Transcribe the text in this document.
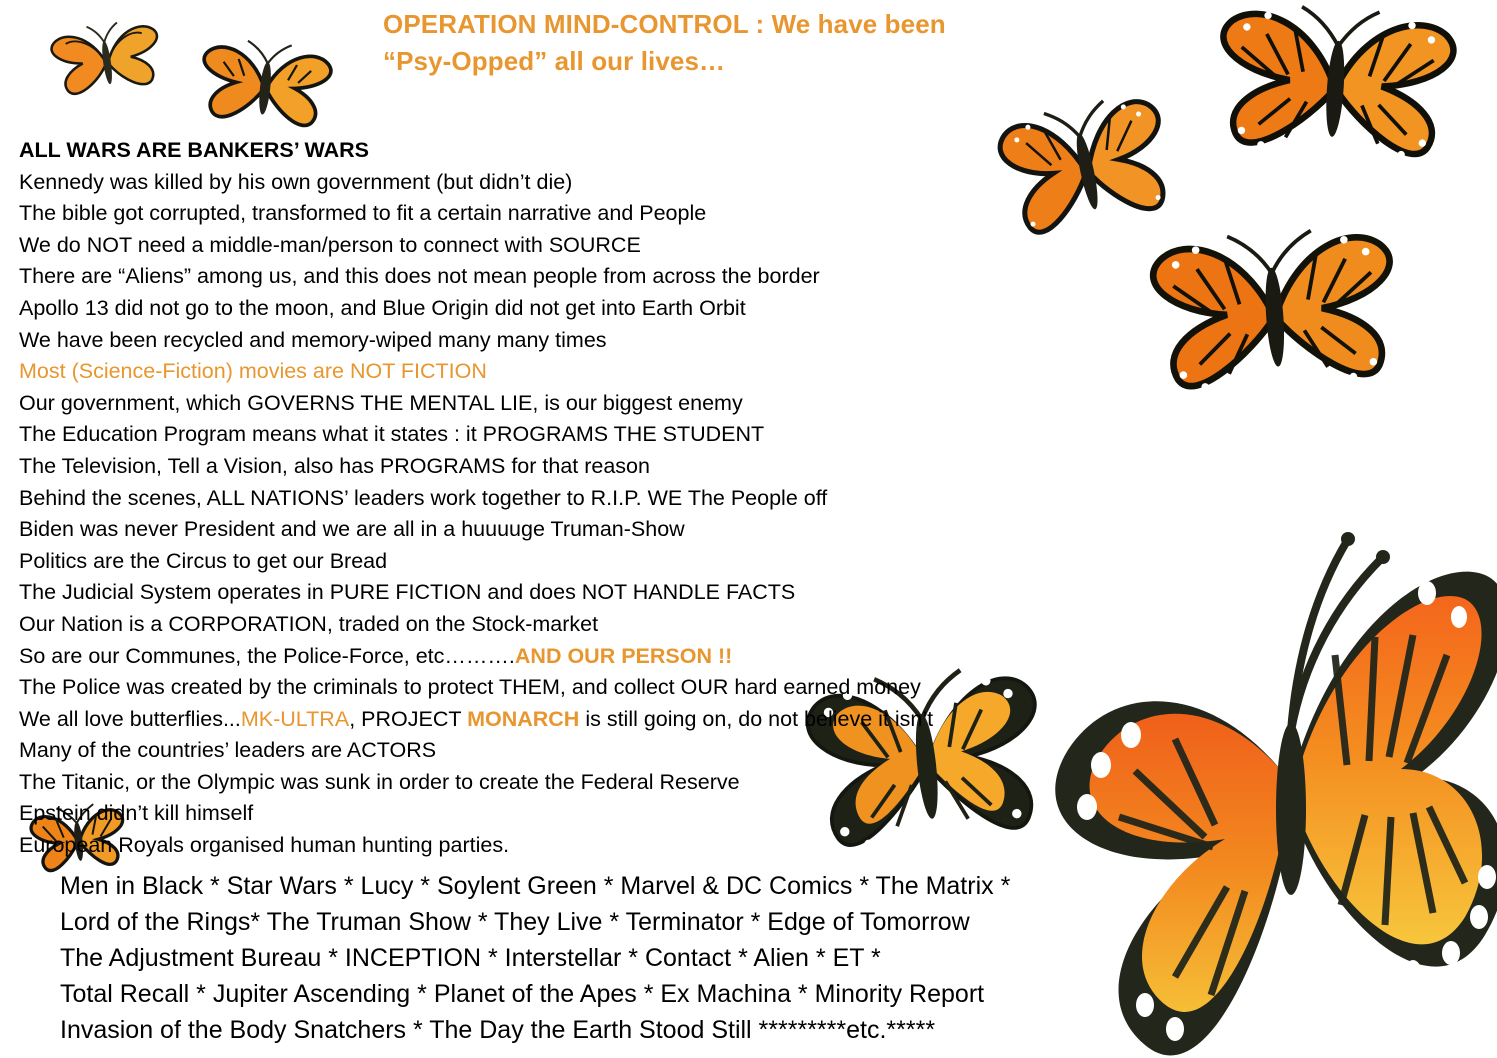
OPERATION MIND-CONTROL : We have been
“Psy-Opped” all our lives…
ALL WARS ARE BANKERS’ WARS
Kennedy was killed by his own government (but didn’t die)
The bible got corrupted, transformed to fit a certain narrative and People
We do NOT need a middle-man/person to connect with SOURCE
There are “Aliens” among us, and this does not mean people from across the border
Apollo 13 did not go to the moon, and Blue Origin did not get into Earth Orbit
We have been recycled and memory-wiped many many times
Most (Science-Fiction) movies are NOT FICTION
Our government, which GOVERNS THE MENTAL LIE, is our biggest enemy
The Education Program means what it states : it PROGRAMS THE STUDENT
The Television, Tell a Vision, also has PROGRAMS for that reason
Behind the scenes, ALL NATIONS’ leaders work together to R.I.P. WE The People off
Biden was never President and we are all in a huuuuge Truman-Show
Politics are the Circus to get our Bread
The Judicial System operates in PURE FICTION and does NOT HANDLE FACTS
Our Nation is a CORPORATION, traded on the Stock-market
So are our Communes, the Police-Force, etc……….AND OUR PERSON !!
The Police was created by the criminals to protect THEM, and collect OUR hard earned money
We all love butterflies...MK-ULTRA, PROJECT MONARCH is still going on, do not believe it isn’t
Many of the countries’ leaders are ACTORS
The Titanic, or the Olympic was sunk in order to create the Federal Reserve
Epstein didn’t kill himself
European Royals organised human hunting parties.
Men in Black * Star Wars * Lucy * Soylent Green * Marvel & DC Comics * The Matrix *
Lord of the Rings* The Truman Show * They Live * Terminator * Edge of Tomorrow
The Adjustment Bureau * INCEPTION * Interstellar * Contact * Alien * ET *
Total Recall * Jupiter Ascending * Planet of the Apes * Ex Machina * Minority Report
Invasion of the Body Snatchers * The Day the Earth Stood Still *********etc.*****
